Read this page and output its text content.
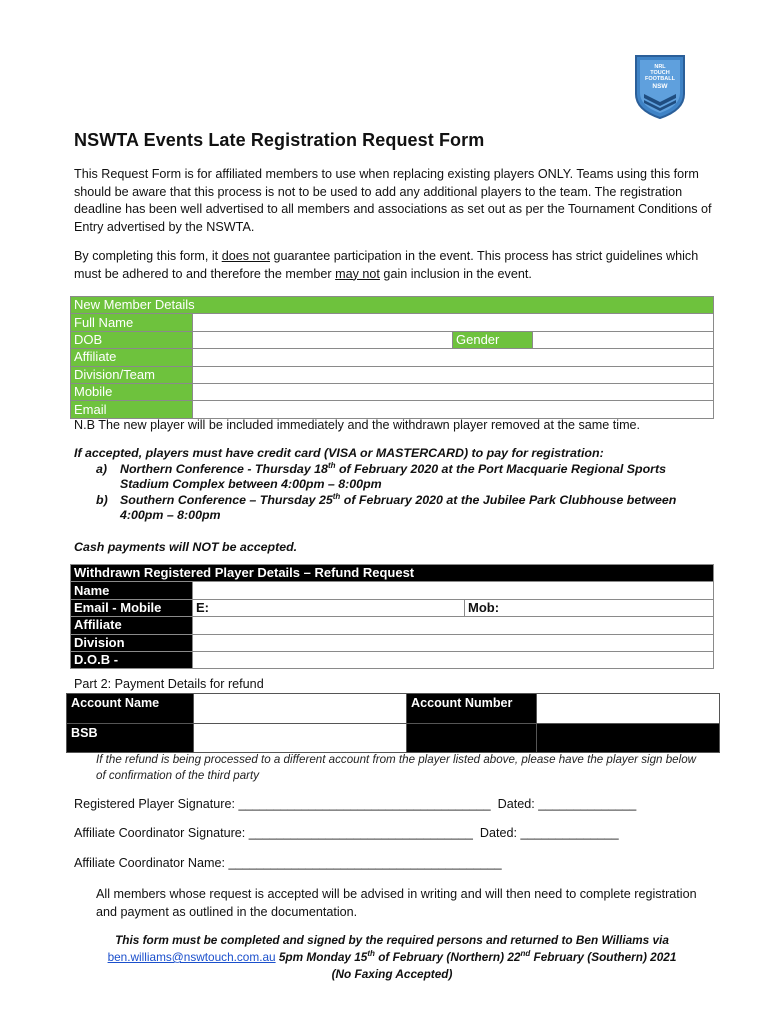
NRL
TOUCH
FOOTBALL
NSW
NSWTA Events Late Registration Request Form
This Request Form is for affiliated members to use when replacing existing players ONLY. Teams using this form should be aware that this process is not to be used to add any additional players to the team. The registration deadline has been well advertised to all members and associations as set out as per the Tournament Conditions of Entry advertised by the NSWTA.
By completing this form, it does not guarantee participation in the event. This process has strict guidelines which must be adhered to and therefore the member may not gain inclusion in the event.
New Member Details			
Full Name			
DOB		Gender	
Affiliate			
Division/Team			
Mobile			
Email			
N.B The new player will be included immediately and the withdrawn player removed at the same time.
If accepted, players must have credit card (VISA or MASTERCARD) to pay for registration:
a)	Northern Conference - Thursday 18th of February 2020 at the Port Macquarie Regional Sports Stadium Complex between 4:00pm – 8:00pm
b) Southern Conference – Thursday 25th of February 2020 at the Jubilee Park Clubhouse between 4:00pm – 8:00pm
Cash payments will NOT be accepted.
Withdrawn Registered Player Details – Refund Request		
Name		
Email - Mobile	E:	Mob:
Affiliate		
Division		
D.O.B -		
Part 2: Payment Details for refund
Account Name		Account Number	
BSB			
If the refund is being processed to a different account from the player listed above, please have the player sign below of confirmation of the third party
Registered Player Signature: ____________________________________  Dated: ______________
Affiliate Coordinator Signature: ________________________________  Dated: ______________
Affiliate Coordinator Name: _______________________________________
All members whose request is accepted will be advised in writing and will then need to complete registration and payment as outlined in the documentation.
This form must be completed and signed by the required persons and returned to Ben Williams via
ben.williams@nswtouch.com.au 5pm Monday 15th of February (Northern) 22nd February (Southern) 2021
(No Faxing Accepted)
